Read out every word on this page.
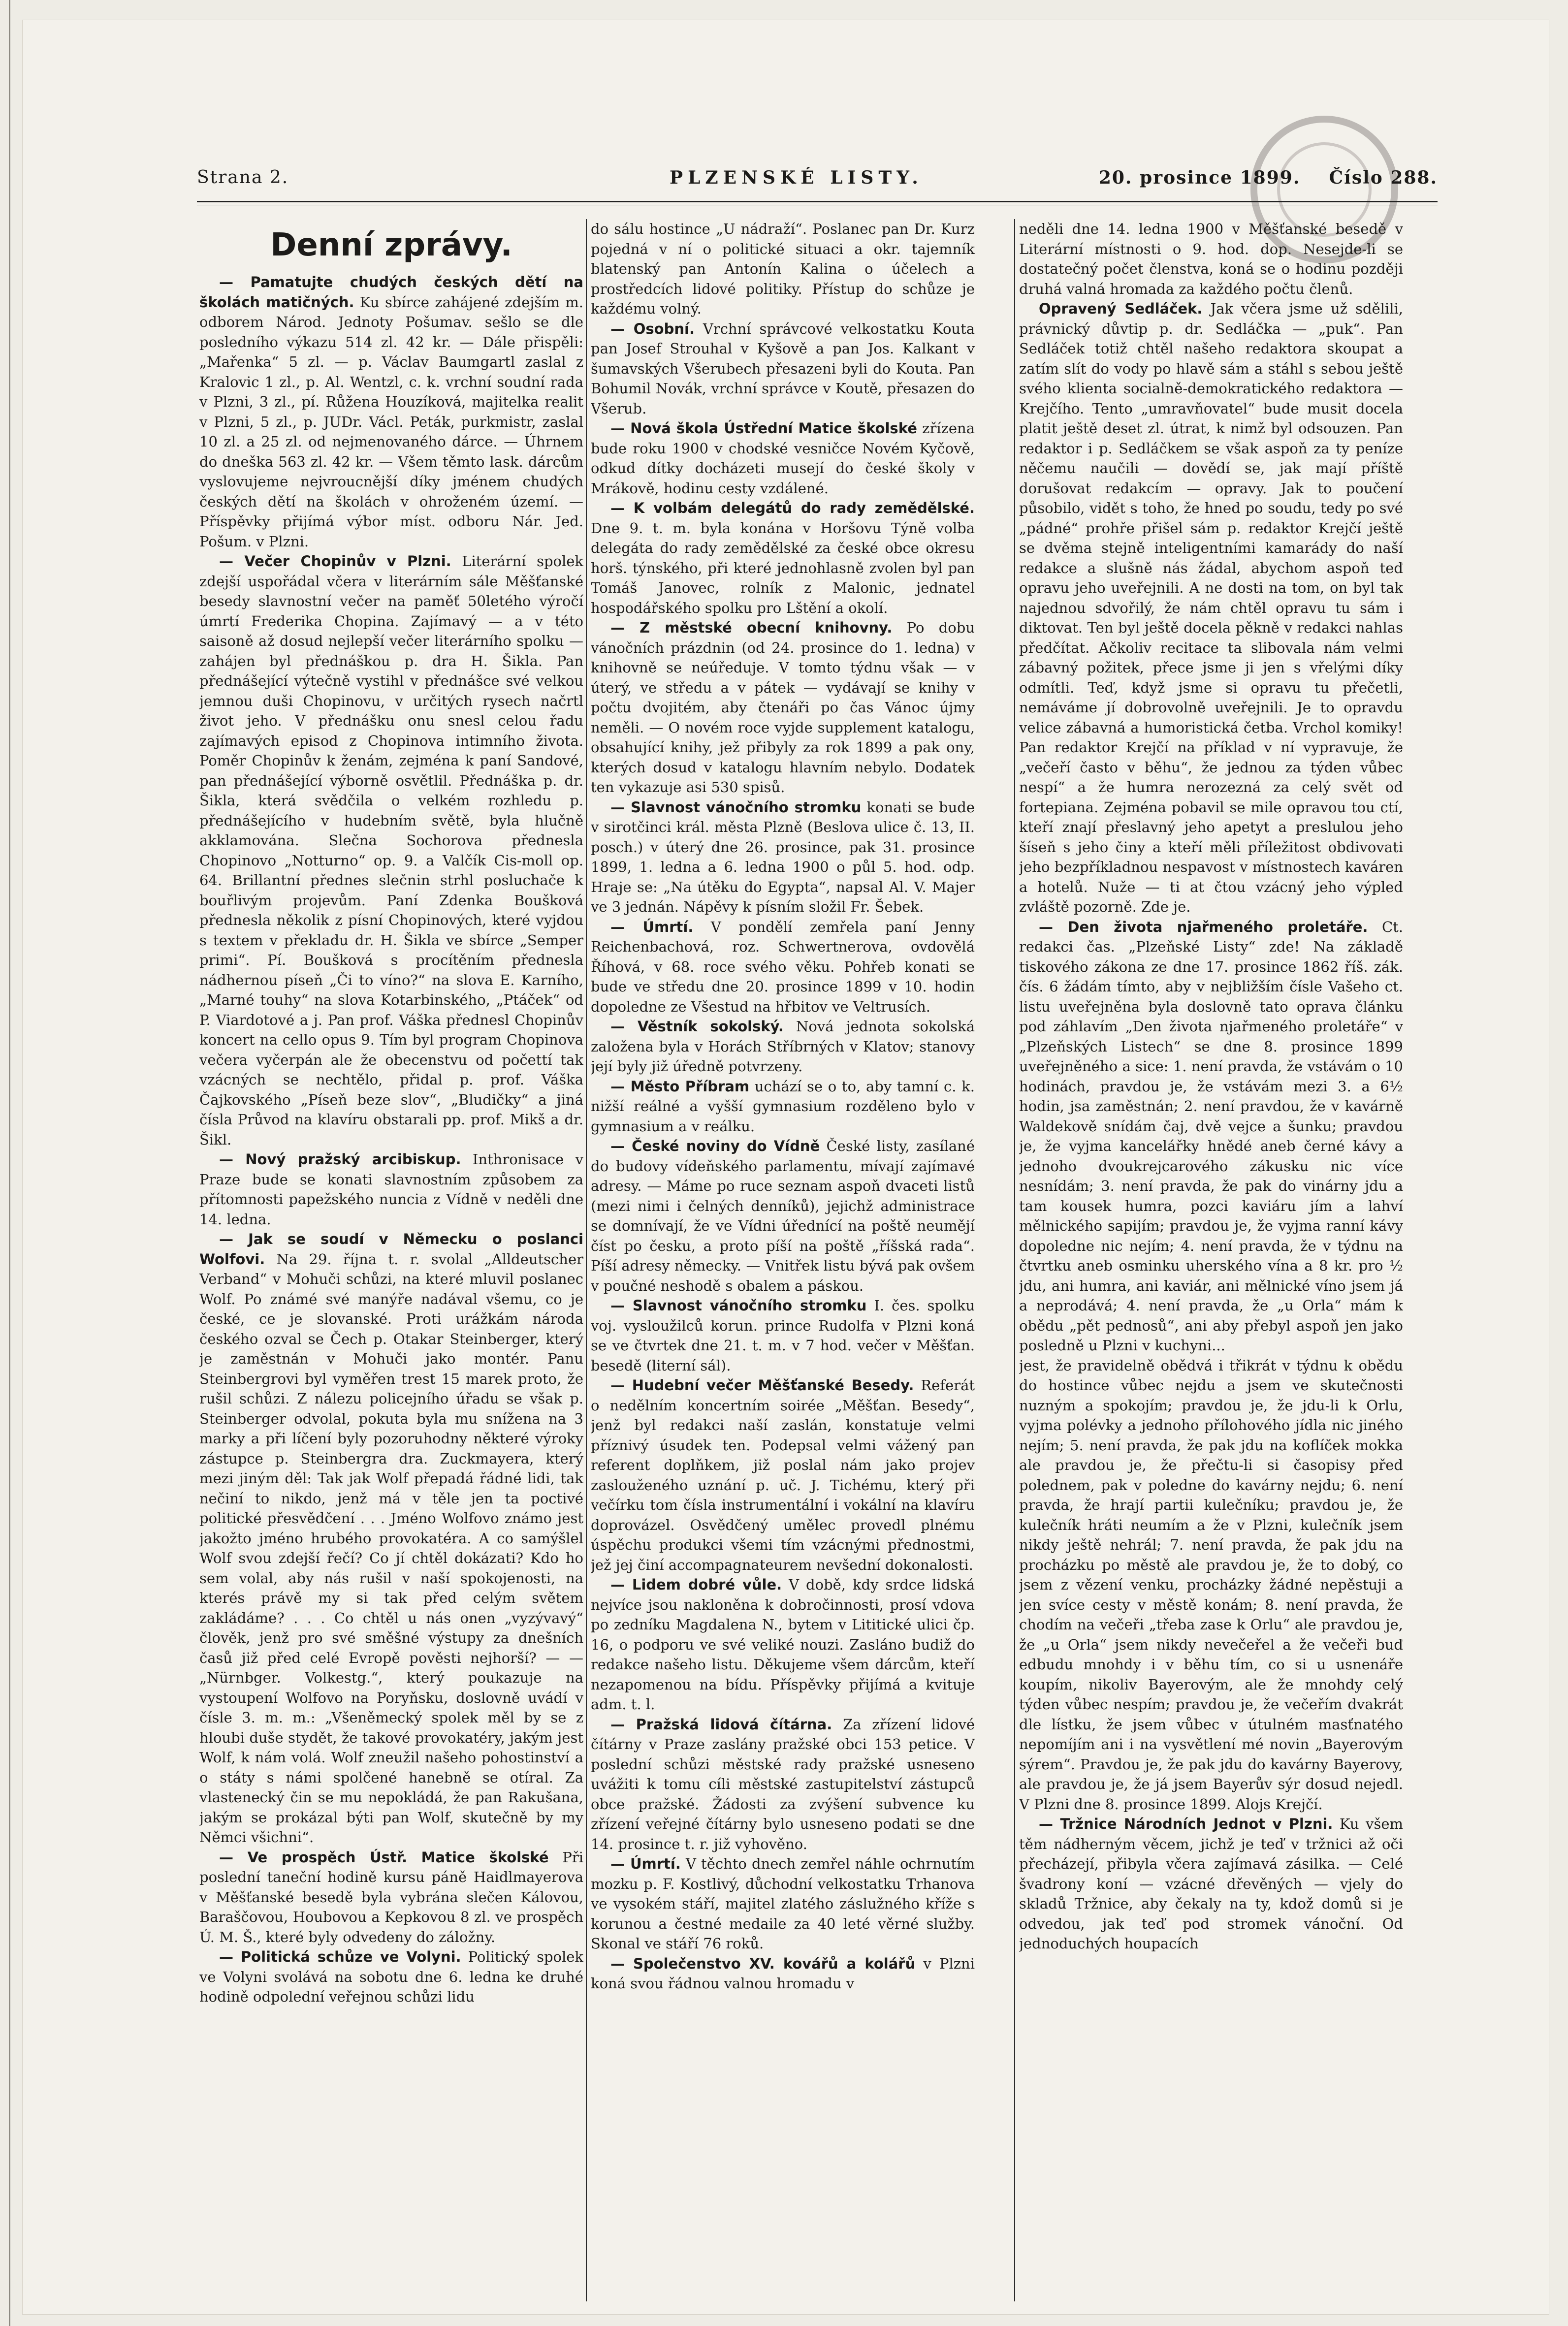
Strana 2.	PLZENSKÉ LISTY.	20. prosince 1899. Číslo 288.
Denní zprávy.

— Pamatujte chudých českých dětí na školách matičných. Ku sbírce zahájené zdejším m. odborem Národ. Jednoty Pošumav. sešlo se dle posledního výkazu 514 zl. 42 kr. — Dále přispěli: „Mařenka“ 5 zl. — p. Václav Baumgartl zaslal z Kralovic 1 zl., p. Al. Wentzl, c. k. vrchní soudní rada v Plzni, 3 zl., pí. Růžena Houzíková, majitelka realit v Plzni, 5 zl., p. JUDr. Václ. Peták, purkmistr, zaslal 10 zl. a 25 zl. od nejmenovaného dárce. — Úhrnem do dneška 563 zl. 42 kr. — Všem těmto lask. dárcům vyslovujeme nejvroucnější díky jménem chudých českých dětí na školách v ohroženém území. — Příspěvky přijímá výbor míst. odboru Nár. Jed. Pošum. v Plzni.

— Večer Chopinův v Plzni. Literární spolek zdejší uspořádal včera v literárním sále Měšťanské besedy slavnostní večer na paměť 50letého výročí úmrtí Frederika Chopina. Zajímavý — a v této saisoně až dosud nejlepší večer literárního spolku — zahájen byl přednáškou p. dra H. Šikla. Pan přednášející výtečně vystihl v přednášce své velkou jemnou duši Chopinovu, v určitých rysech načrtl život jeho. V přednášku onu snesl celou řadu zajímavých episod z Chopinova intimního života. Poměr Chopinův k ženám, zejména k paní Sandové, pan přednášející výborně osvětlil. Přednáška p. dr. Šikla, která svědčila o velkém rozhledu p. přednášejícího v hudebním světě, byla hlučně akklamována. Slečna Sochorova přednesla Chopinovo „Notturno“ op. 9. a Valčík Cis-moll op. 64. Brillantní přednes slečnin strhl posluchače k bouřlivým projevům. Paní Zdenka Boušková přednesla několik z písní Chopinových, které vyjdou s textem v překladu dr. H. Šikla ve sbírce „Semper primi“. Pí. Boušková s procítěním přednesla nádhernou píseň „Či to víno?“ na slova E. Karního, „Marné touhy“ na slova Kotarbinského, „Ptáček“ od P. Viardotové a j. Pan prof. Váška přednesl Chopinův koncert na cello opus 9. Tím byl program Chopinova večera vyčerpán ale že obecenstvu od počettí tak vzácných se nechtělo, přidal p. prof. Váška Čajkovského „Píseň beze slov“, „Bludičky“ a jiná čísla Průvod na klavíru obstarali pp. prof. Mikš a dr. Šikl.

— Nový pražský arcibiskup. Inthronisace v Praze bude se konati slavnostním způsobem za přítomnosti papežského nuncia z Vídně v neděli dne 14. ledna.

— Jak se soudí v Německu o poslanci Wolfovi. Na 29. října t. r. svolal „Alldeutscher Verband“ v Mohuči schůzi, na které mluvil poslanec Wolf. Po známé své manýře nadával všemu, co je české, ce je slovanské. Proti urážkám národa českého ozval se Čech p. Otakar Steinberger, který je zaměstnán v Mohuči jako montér. Panu Steinbergrovi byl vyměřen trest 15 marek proto, že rušil schůzi. Z nálezu policejního úřadu se však p. Steinberger odvolal, pokuta byla mu snížena na 3 marky a při líčení byly pozoruhodny některé výroky zástupce p. Steinbergra dra. Zuckmayera, který mezi jiným děl: Tak jak Wolf přepadá řádné lidi, tak nečiní to nikdo, jenž má v těle jen ta poctivé politické přesvědčení . . . Jméno Wolfovo známo jest jakožto jméno hrubého provokatéra. A co samýšlel Wolf svou zdejší řečí? Co jí chtěl dokázati? Kdo ho sem volal, aby nás rušil v naší spokojenosti, na kterés právě my si tak před celým světem zakládáme? . . . Co chtěl u nás onen „vyzývavý“ člověk, jenž pro své směšné výstupy za dnešních časů již před celé Evropě pověsti nejhorší? — —„Nürnbger. Volkestg.“, který poukazuje na vystoupení Wolfovo na Poryňsku, doslovně uvádí v čísle 3. m. m.: „Všeněmecký spolek měl by se z hloubi duše stydět, že takové provokatéry, jakým jest Wolf, k nám volá. Wolf zneužil našeho pohostinství a o státy s námi spolčené hanebně se otíral. Za vlastenecký čin se mu nepokládá, že pan Rakušana, jakým se prokázal býti pan Wolf, skutečně by my Němci všichni“.

— Ve prospěch Ústř. Matice školské Při poslední taneční hodině kursu páně Haidlmayerova v Měšťanské besedě byla vybrána slečen Kálovou, Baraščovou, Houbovou a Kepkovou 8 zl. ve prospěch Ú. M. Š., které byly odvedeny do záložny.

— Politická schůze ve Volyni. Politický spolek ve Volyni svolává na sobotu dne 6. ledna ke druhé hodině odpolední veřejnou schůzi lidu

do sálu hostince „U nádraží“. Poslanec pan Dr. Kurz pojedná v ní o politické situaci a okr. tajemník blatenský pan Antonín Kalina o účelech a prostředcích lidové politiky. Přístup do schůze je každému volný.

— Osobní. Vrchní správcové velkostatku Kouta pan Josef Strouhal v Kyšově a pan Jos. Kalkant v šumavských Všerubech přesazeni byli do Kouta. Pan Bohumil Novák, vrchní správce v Koutě, přesazen do Všerub.

— Nová škola Ústřední Matice školské zřízena bude roku 1900 v chodské vesničce Novém Kyčově, odkud dítky docházeti musejí do české školy v Mrákově, hodinu cesty vzdálené.

— K volbám delegátů do rady zemědělské. Dne 9. t. m. byla konána v Horšovu Týně volba delegáta do rady zemědělské za české obce okresu horš. týnského, při které jednohlasně zvolen byl pan Tomáš Janovec, rolník z Malonic, jednatel hospodářského spolku pro Lštění a okolí.

— Z městské obecní knihovny. Po dobu vánočních prázdnin (od 24. prosince do 1. ledna) v knihovně se neúředuje. V tomto týdnu však — v úterý, ve středu a v pátek — vydávají se knihy v počtu dvojitém, aby čtenáři po čas Vánoc újmy neměli. — O novém roce vyjde supplement katalogu, obsahující knihy, jež přibyly za rok 1899 a pak ony, kterých dosud v katalogu hlavním nebylo. Dodatek ten vykazuje asi 530 spisů.

— Slavnost vánočního stromku konati se bude v sirotčinci král. města Plzně (Beslova ulice č. 13, II. posch.) v úterý dne 26. prosince, pak 31. prosince 1899, 1. ledna a 6. ledna 1900 o půl 5. hod. odp. Hraje se: „Na útěku do Egypta“, napsal Al. V. Majer ve 3 jednán. Nápěvy k písním složil Fr. Šebek.

— Úmrtí. V pondělí zemřela paní Jenny Reichenbachová, roz. Schwertnerova, ovdovělá Říhová, v 68. roce svého věku. Pohřeb konati se bude ve středu dne 20. prosince 1899 v 10. hodin dopoledne ze Všestud na hřbitov ve Veltrusích.

— Věstník sokolský. Nová jednota sokolská založena byla v Horách Stříbrných v Klatov; stanovy její byly již úředně potvrzeny.

— Město Příbram uchází se o to, aby tamní c. k. nižší reálné a vyšší gymnasium rozděleno bylo v gymnasium a v reálku.

— České noviny do Vídně České listy, zasílané do budovy vídeňského parlamentu, mívají zajímavé adresy. — Máme po ruce seznam aspoň dvaceti listů (mezi nimi i čelných denníků), jejichž administrace se domnívají, že ve Vídni úřednící na poště neumějí číst po česku, a proto píší na poště „říšská rada“. Píší adresy německy. — Vnitřek listu bývá pak ovšem v poučné neshodě s obalem a páskou.

— Slavnost vánočního stromku I. čes. spolku voj. vysloužilců korun. prince Rudolfa v Plzni koná se ve čtvrtek dne 21. t. m. v 7 hod. večer v Měšťan. besedě (literní sál).

— Hudební večer Měšťanské Besedy. Referát o nedělním koncertním soirée „Měšťan. Besedy“, jenž byl redakci naší zaslán, konstatuje velmi příznivý úsudek ten. Podepsal velmi vážený pan referent doplňkem, již poslal nám jako projev zaslouženého uznání p. uč. J. Tichému, který při večírku tom čísla instrumentální i vokální na klavíru doprovázel. Osvědčený umělec provedl plnému úspěchu produkci všemi tím vzácnými přednostmi, jež jej činí accompagnateurem nevšední dokonalosti.

— Lidem dobré vůle. V době, kdy srdce lidská nejvíce jsou nakloněna k dobročinnosti, prosí vdova po zedníku Magdalena N., bytem v Lititické ulici čp. 16, o podporu ve své veliké nouzi. Zasláno budiž do redakce našeho listu. Děkujeme všem dárcům, kteří nezapomenou na bídu. Příspěvky přijímá a kvituje adm. t. l.

— Pražská lidová čítárna. Za zřízení lidové čítárny v Praze zaslány pražské obci 153 petice. V poslední schůzi městské rady pražské usneseno uvážiti k tomu cíli městské zastupitelství zástupců obce pražské. Žádosti za zvýšení subvence ku zřízení veřejné čítárny bylo usneseno podati se dne 14. prosince t. r. již vyhověno.

— Úmrtí. V těchto dnech zemřel náhle ochrnutím mozku p. F. Kostlivý, důchodní velkostatku Trhanova ve vysokém stáří, majitel zlatého záslužného kříže s korunou a čestné medaile za 40 leté věrné služby. Skonal ve stáří 76 roků.

— Společenstvo XV. kovářů a kolářů v Plzni koná svou řádnou valnou hromadu v

neděli dne 14. ledna 1900 v Měšťanské besedě v Literární místnosti o 9. hod. dop. Nesejde-li se dostatečný počet členstva, koná se o hodinu později druhá valná hromada za každého počtu členů.

Opravený Sedláček. Jak včera jsme už sdělili, právnický důvtip p. dr. Sedláčka — „puk“. Pan Sedláček totiž chtěl našeho redaktora skoupat a zatím slít do vody po hlavě sám a stáhl s sebou ještě svého klienta socialně-demokratického redaktora — Krejčího. Tento „umravňovatel“ bude musit docela platit ještě deset zl. útrat, k nimž byl odsouzen. Pan redaktor i p. Sedláčkem se však aspoň za ty peníze něčemu naučili — dovědí se, jak mají příště dorušovat redakcím — opravy. Jak to poučení působilo, vidět s toho, že hned po soudu, tedy po své „pádné“ prohře přišel sám p. redaktor Krejčí ještě se dvěma stejně inteligentními kamarády do naší redakce a slušně nás žádal, abychom aspoň teď opravu jeho uveřejnili. A ne dosti na tom, on byl tak najednou sdvořilý, že nám chtěl opravu tu sám i diktovat. Ten byl ještě docela pěkně v redakci nahlas předčítat. Ačkoliv recitace ta slibovala nám velmi zábavný požitek, přece jsme ji jen s vřelými díky odmítli. Teď, když jsme si opravu tu přečetli, nemáváme jí dobrovolně uveřejnili. Je to opravdu velice zábavná a humoristická četba. Vrchol komiky! Pan redaktor Krejčí na příklad v ní vypravuje, že „večeří často v běhu“, že jednou za týden vůbec nespí“ a že humra nerozezná za celý svět od fortepiana. Zejména pobavil se mile opravou tou ctí, kteří znají přeslavný jeho apetyt a preslulou jeho šíseň s jeho činy a kteří měli příležitost obdivovati jeho bezpříkladnou nespavost v místnostech kaváren a hotelů. Nuže — ti at čtou vzácný jeho výpled zvláště pozorně. Zde je.

— Den života njařmeného proletáře. Ct. redakci čas. „Plzeňské Listy“ zde! Na základě tiskového zákona ze dne 17. prosince 1862 říš. zák. čís. 6 žádám tímto, aby v nejbližším čísle Vašeho ct. listu uveřejněna byla doslovně tato oprava článku pod záhlavím „Den života njařmeného proletáře“ v „Plzeňských Listech“ se dne 8. prosince 1899 uveřejněného a sice: 1. není pravda, že vstávám o 10 hodinách, pravdou je, že vstávám mezi 3. a 6½ hodin, jsa zaměstnán; 2. není pravdou, že v kavárně Waldekově snídám čaj, dvě vejce a šunku; pravdou je, že vyjma kancelářky hnědé aneb černé kávy a jednoho dvoukrejcarového zákusku nic více nesnídám; 3. není pravda, že pak do vinárny jdu a tam kousek humra, pozci kaviáru jím a lahví mělnického sapijím; pravdou je, že vyjma ranní kávy dopoledne nic nejím; 4. není pravda, že v týdnu na čtvrtku aneb osminku uherského vína a 8 kr. pro ½ jdu, ani humra, ani kaviár, ani mělnické víno jsem já a neprodává; 4. není pravda, že „u Orla“ mám k obědu „pět pednosů“, ani aby přebyl aspoň jen jako posledně u Plzni v kuchyni...

jest, že pravidelně obědvá i třikrát v týdnu k obědu do hostince vůbec nejdu a jsem ve skutečnosti nuzným a spokojím; pravdou je, že jdu-li k Orlu, vyjma polévky a jednoho přílohového jídla nic jiného nejím; 5. není pravda, že pak jdu na koflíček mokka ale pravdou je, že přečtu-li si časopisy před polednem, pak v poledne do kavárny nejdu; 6. není pravda, že hrají partii kulečníku; pravdou je, že kulečník hráti neumím a že v Plzni, kulečník jsem nikdy ještě nehrál; 7. není pravda, že pak jdu na procházku po městě ale pravdou je, že to dobý, co jsem z vězení venku, procházky žádné nepěstuji a jen svíce cesty v městě konám; 8. není pravda, že chodím na večeři „třeba zase k Orlu“ ale pravdou je, že „u Orla“ jsem nikdy nevečeřel a že večeři buď edbudu mnohdy i v běhu tím, co si u usnenáře koupím, nikoliv Bayerovým, ale že mnohdy celý týden vůbec nespím; pravdou je, že večeřím dvakrát dle lístku, že jsem vůbec v útulném masťnatého nepomíjím ani i na vysvětlení mé novin „Bayerovým sýrem“. Pravdou je, že pak jdu do kavárny Bayerovy, ale pravdou je, že já jsem Bayerův sýr dosud nejedl. V Plzni dne 8. prosince 1899. Alojs Krejčí.

— Tržnice Národních Jednot v Plzni. Ku všem těm nádherným věcem, jichž je teď v tržnici až oči přecházejí, přibyla včera zajímavá zásilka. — Celé švadrony koní — vzácné dřevěných — vjely do skladů Tržnice, aby čekaly na ty, kdož domů si je odvedou, jak teď pod stromek vánoční. Od jednoduchých houpacích
